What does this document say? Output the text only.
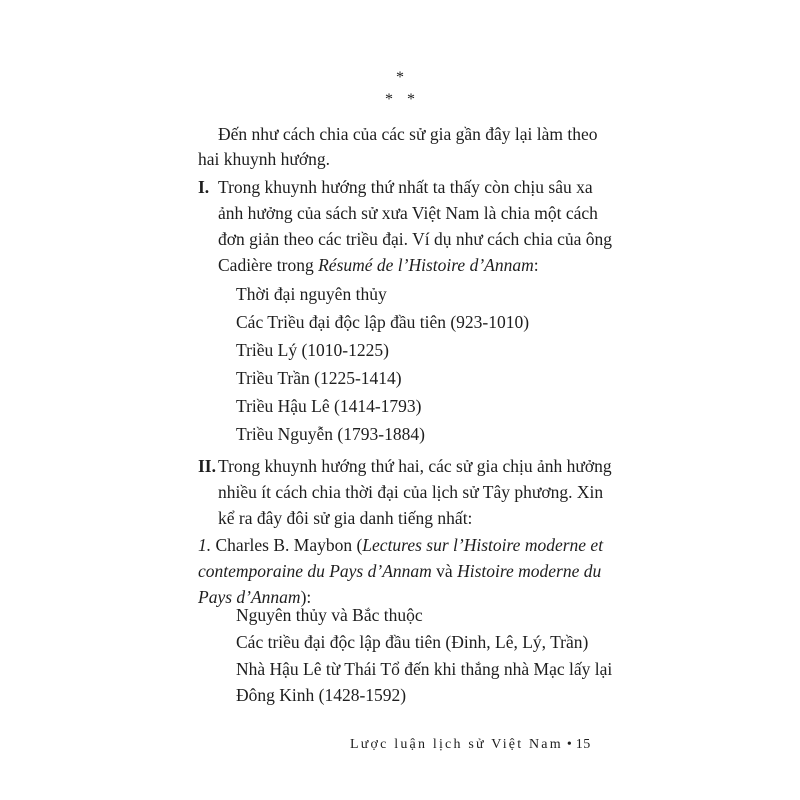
*
* *
Đến như cách chia của các sử gia gần đây lại làm theo
hai khuynh hướng.
I. Trong khuynh hướng thứ nhất ta thấy còn chịu sâu xa
ảnh hưởng của sách sử xưa Việt Nam là chia một cách
đơn giản theo các triều đại. Ví dụ như cách chia của ông
Cadière trong Résumé de l’Histoire d’Annam:
Thời đại nguyên thủy
Các Triều đại độc lập đầu tiên (923-1010)
Triều Lý (1010-1225)
Triều Trần (1225-1414)
Triều Hậu Lê (1414-1793)
Triều Nguyễn (1793-1884)
II. Trong khuynh hướng thứ hai, các sử gia chịu ảnh hưởng
nhiều ít cách chia thời đại của lịch sử Tây phương. Xin
kể ra đây đôi sử gia danh tiếng nhất:
1. Charles B. Maybon (Lectures sur l’Histoire moderne et
contemporaine du Pays d’Annam và Histoire moderne du
Pays d’Annam):
Nguyên thủy và Bắc thuộc
Các triều đại độc lập đầu tiên (Đinh, Lê, Lý, Trần)
Nhà Hậu Lê từ Thái Tổ đến khi thắng nhà Mạc lấy lại
Đông Kinh (1428-1592)
Lược luận lịch sử Việt Nam • 15
